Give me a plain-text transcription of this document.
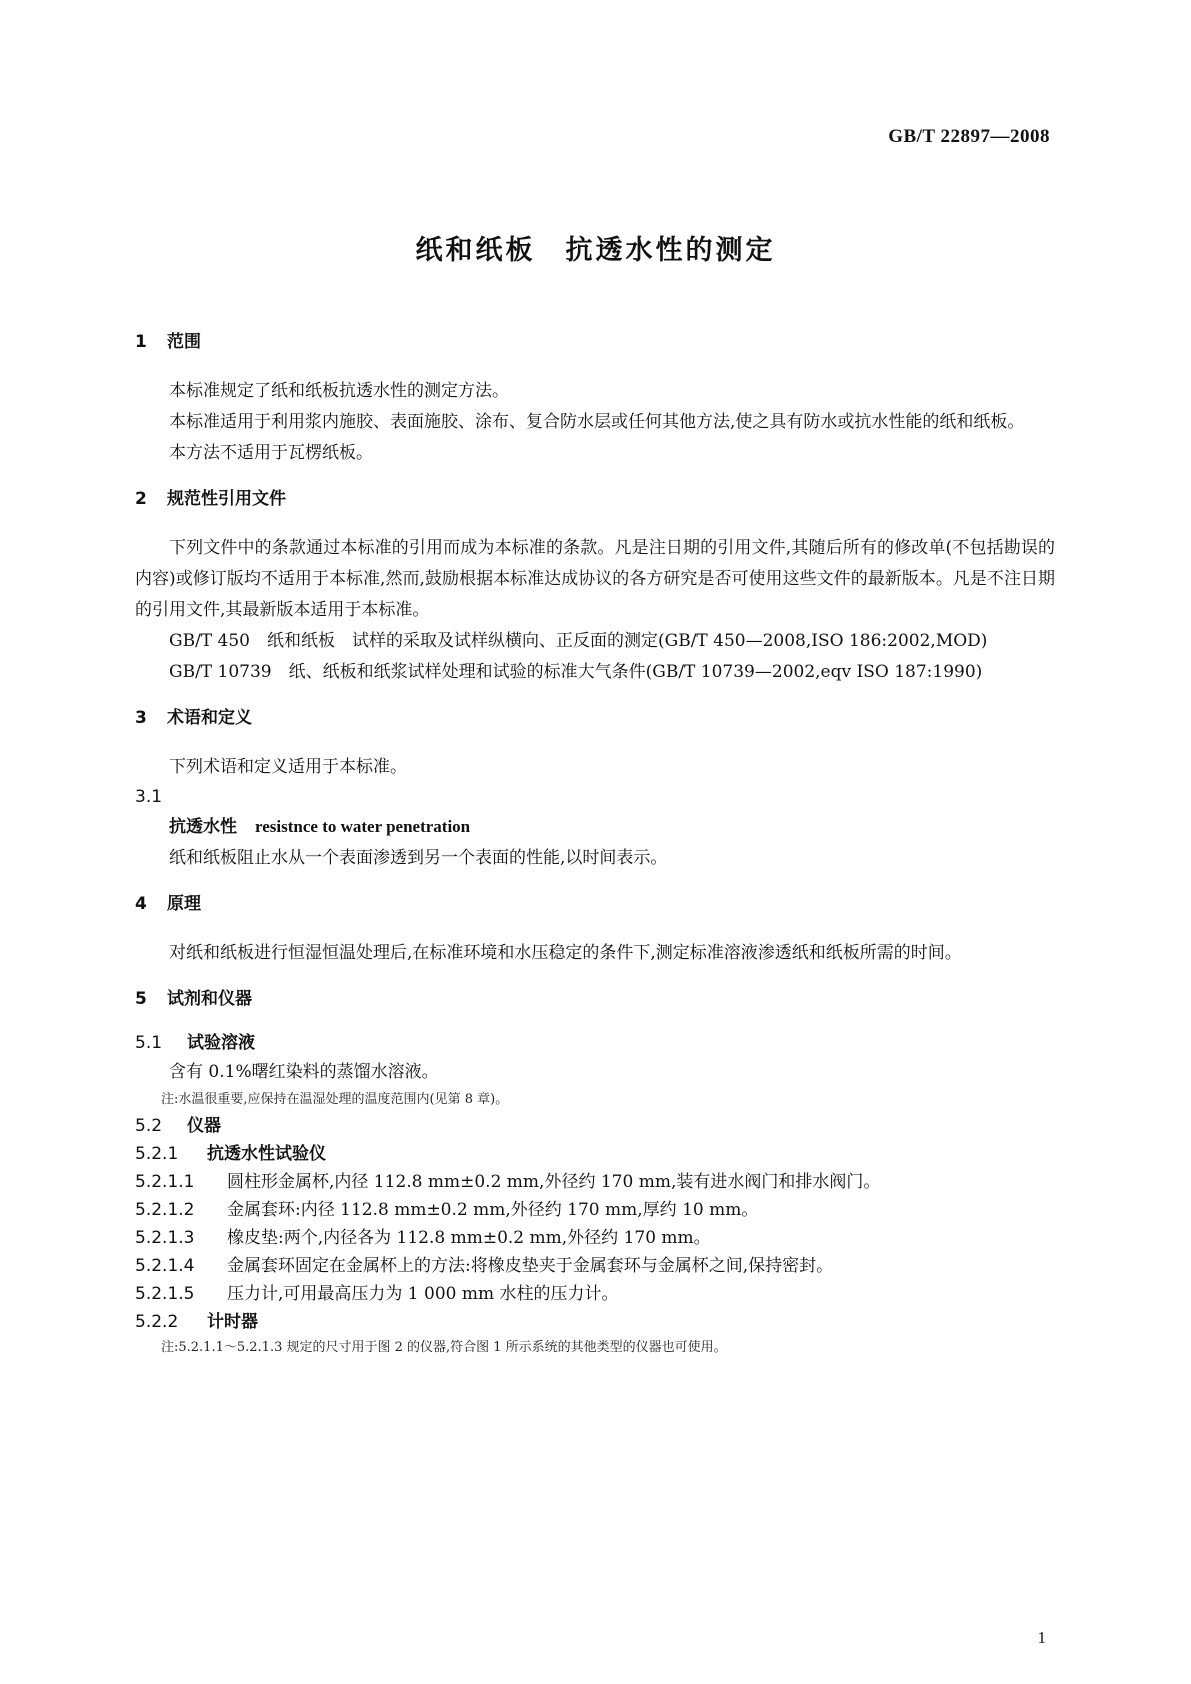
GB/T 22897—2008
纸和纸板　抗透水性的测定
1 范围

本标准规定了纸和纸板抗透水性的测定方法。

本标准适用于利用浆内施胶、表面施胶、涂布、复合防水层或任何其他方法,使之具有防水或抗水性能的纸和纸板。

本方法不适用于瓦楞纸板。

2 规范性引用文件

下列文件中的条款通过本标准的引用而成为本标准的条款。凡是注日期的引用文件,其随后所有的修改单(不包括勘误的内容)或修订版均不适用于本标准,然而,鼓励根据本标准达成协议的各方研究是否可使用这些文件的最新版本。凡是不注日期的引用文件,其最新版本适用于本标准。

GB/T 450　纸和纸板　试样的采取及试样纵横向、正反面的测定(GB/T 450—2008,ISO 186:2002,MOD)

GB/T 10739　纸、纸板和纸浆试样处理和试验的标准大气条件(GB/T 10739—2002,eqv ISO 187:1990)

3 术语和定义

下列术语和定义适用于本标准。

3.1
抗透水性 resistnce to water penetration

纸和纸板阻止水从一个表面渗透到另一个表面的性能,以时间表示。

4 原理

对纸和纸板进行恒湿恒温处理后,在标准环境和水压稳定的条件下,测定标准溶液渗透纸和纸板所需的时间。

5 试剂和仪器
5.1 试验溶液

含有 0.1%曙红染料的蒸馏水溶液。

注:水温很重要,应保持在温湿处理的温度范围内(见第 8 章)。
5.2 仪器
5.2.1 抗透水性试验仪
5.2.1.1 圆柱形金属杯,内径 112.8 mm±0.2 mm,外径约 170 mm,装有进水阀门和排水阀门。
5.2.1.2 金属套环:内径 112.8 mm±0.2 mm,外径约 170 mm,厚约 10 mm。
5.2.1.3 橡皮垫:两个,内径各为 112.8 mm±0.2 mm,外径约 170 mm。
5.2.1.4 金属套环固定在金属杯上的方法:将橡皮垫夹于金属套环与金属杯之间,保持密封。
5.2.1.5 压力计,可用最高压力为 1 000 mm 水柱的压力计。
5.2.2 计时器
注:5.2.1.1～5.2.1.3 规定的尺寸用于图 2 的仪器,符合图 1 所示系统的其他类型的仪器也可使用。
1
